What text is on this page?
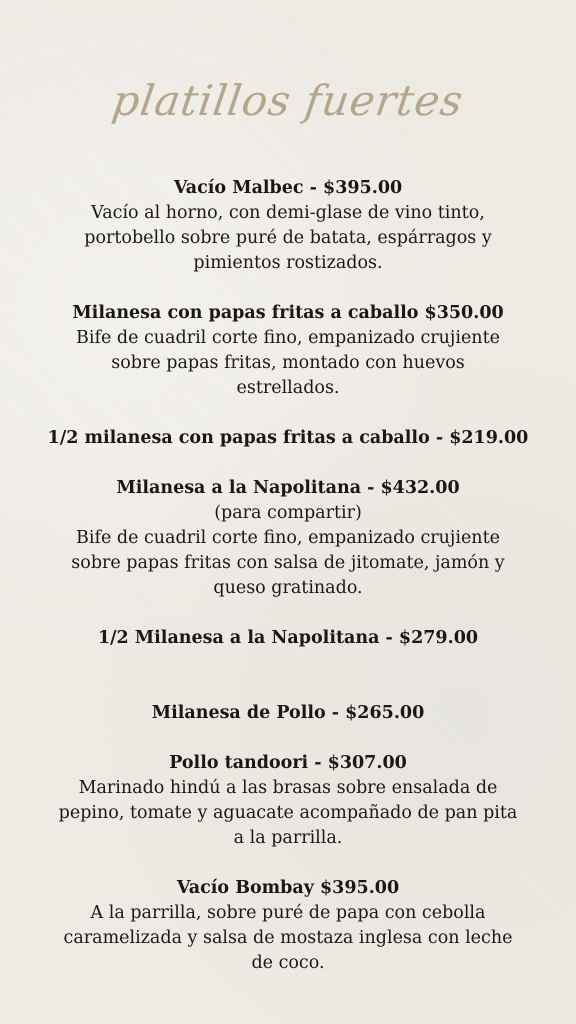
platillos fuertes
Vacío Malbec - $395.00
Vacío al horno, con demi-glase de vino tinto,
portobello sobre puré de batata, espárragos y
pimientos rostizados.
Milanesa con papas fritas a caballo $350.00
Bife de cuadril corte fino, empanizado crujiente
sobre papas fritas, montado con huevos
estrellados.
1/2 milanesa con papas fritas a caballo - $219.00
Milanesa a la Napolitana - $432.00
(para compartir)
Bife de cuadril corte fino, empanizado crujiente
sobre papas fritas con salsa de jitomate, jamón y
queso gratinado.
1/2 Milanesa a la Napolitana - $279.00
Milanesa de Pollo - $265.00
Pollo tandoori - $307.00
Marinado hindú a las brasas sobre ensalada de
pepino, tomate y aguacate acompañado de pan pita
a la parrilla.
Vacío Bombay $395.00
A la parrilla, sobre puré de papa con cebolla
caramelizada y salsa de mostaza inglesa con leche
de coco.
